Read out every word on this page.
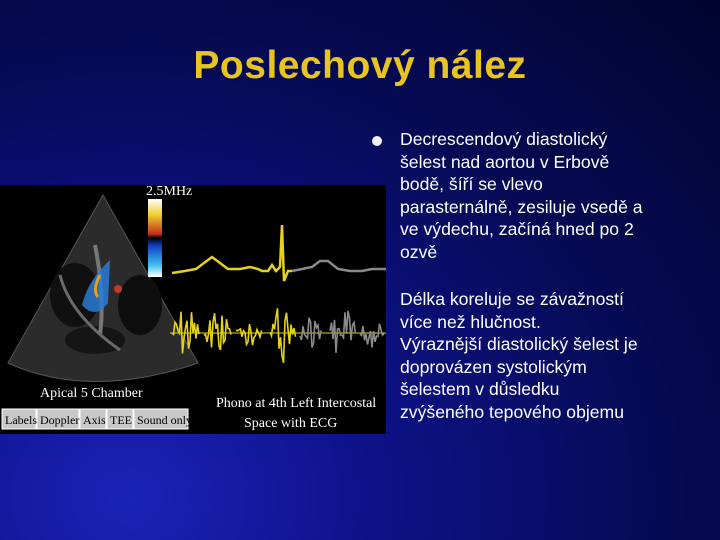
Poslechový nález
2.5MHz
Apical 5 Chamber
Phono at 4th Left Intercostal
Space with ECG
Labels Doppler Axis TEE Sound only
Decrescendový diastolický
šelest nad aortou v Erbově
bodě, šíří se vlevo
parasternálně, zesiluje vsedě a
ve výdechu, začíná hned po 2
ozvě
Délka koreluje se závažností
více než hlučnost.
Výraznější diastolický šelest je
doprovázen systolickým
šelestem v důsledku
zvýšeného tepového objemu
